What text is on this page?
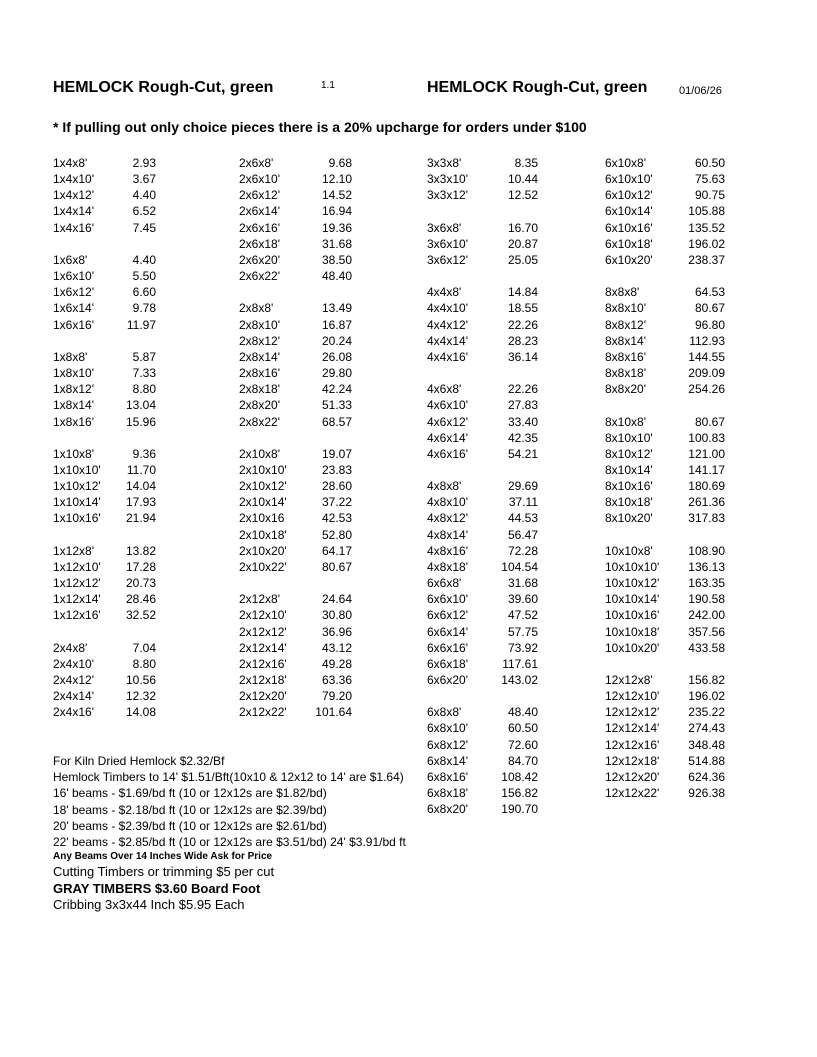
HEMLOCK Rough-Cut, green	1.1	HEMLOCK Rough-Cut, green	01/06/26
* If pulling out only choice pieces there is a 20% upcharge for orders under $100
1x4x8'	2.93
1x4x10'	3.67
1x4x12'	4.40
1x4x14'	6.52
1x4x16'	7.45
1x6x8'	4.40
1x6x10'	5.50
1x6x12'	6.60
1x6x14'	9.78
1x6x16'	11.97
1x8x8'	5.87
1x8x10'	7.33
1x8x12'	8.80
1x8x14'	13.04
1x8x16'	15.96
1x10x8'	9.36
1x10x10' 11.70
1x10x12' 14.04
1x10x14' 17.93
1x10x16' 21.94
1x12x8'	13.82
1x12x10' 17.28
1x12x12' 20.73
1x12x14' 28.46
1x12x16' 32.52
2x4x8'	7.04
2x4x10'	8.80
2x4x12'	10.56
2x4x14'	12.32
2x4x16'	14.08
2x6x8'	9.68
2x6x10'	12.10
2x6x12'	14.52
2x6x14'	16.94
2x6x16'	19.36
2x6x18'	31.68
2x6x20'	38.50
2x6x22'	48.40
2x8x8'	13.49
2x8x10'	16.87
2x8x12'	20.24
2x8x14'	26.08
2x8x16'	29.80
2x8x18'	42.24
2x8x20'	51.33
2x8x22'	68.57
2x10x8'	19.07
2x10x10'	23.83
2x10x12'	28.60
2x10x14'	37.22
2x10x16	42.53
2x10x18'	52.80
2x10x20'	64.17
2x10x22'	80.67
2x12x8'	24.64
2x12x10'	30.80
2x12x12'	36.96
2x12x14'	43.12
2x12x16'	49.28
2x12x18'	63.36
2x12x20'	79.20
2x12x22' 101.64
3x3x8'	8.35
3x3x10'	10.44
3x3x12'	12.52
3x6x8'	16.70
3x6x10'	20.87
3x6x12'	25.05
4x4x8'	14.84
4x4x10'	18.55
4x4x12'	22.26
4x4x14'	28.23
4x4x16'	36.14
4x6x8'	22.26
4x6x10'	27.83
4x6x12'	33.40
4x6x14'	42.35
4x6x16'	54.21
4x8x8'	29.69
4x8x10'	37.11
4x8x12'	44.53
4x8x14'	56.47
4x8x16'	72.28
4x8x18'	104.54
6x6x8'	31.68
6x6x10'	39.60
6x6x12'	47.52
6x6x14'	57.75
6x6x16'	73.92
6x6x18'	117.61
6x6x20'	143.02
6x8x8'	48.40
6x8x10'	60.50
6x8x12'	72.60
6x8x14'	84.70
6x8x16'	108.42
6x8x18'	156.82
6x8x20'	190.70
6x10x8'	60.50
6x10x10'	75.63
6x10x12'	90.75
6x10x14'	105.88
6x10x16'	135.52
6x10x18'	196.02
6x10x20'	238.37
8x8x8'	64.53
8x8x10'	80.67
8x8x12'	96.80
8x8x14'	112.93
8x8x16'	144.55
8x8x18'	209.09
8x8x20'	254.26
8x10x8'	80.67
8x10x10'	100.83
8x10x12'	121.00
8x10x14'	141.17
8x10x16'	180.69
8x10x18'	261.36
8x10x20'	317.83
10x10x8'	108.90
10x10x10' 136.13
10x10x12' 163.35
10x10x14' 190.58
10x10x16' 242.00
10x10x18' 357.56
10x10x20' 433.58
12x12x8'	156.82
12x12x10' 196.02
12x12x12' 235.22
12x12x14' 274.43
12x12x16' 348.48
12x12x18' 514.88
12x12x20' 624.36
12x12x22' 926.38
For Kiln Dried Hemlock $2.32/Bf
Hemlock Timbers to 14' $1.51/Bft(10x10 & 12x12 to 14' are $1.64)
16' beams - $1.69/bd ft (10 or 12x12s are $1.82/bd)
18' beams - $2.18/bd ft (10 or 12x12s are $2.39/bd)
20' beams - $2.39/bd ft (10 or 12x12s are $2.61/bd)
22' beams - $2.85/bd ft (10 or 12x12s are $3.51/bd) 24' $3.91/bd ft
Any Beams Over 14 Inches Wide Ask for Price
Cutting Timbers or trimming $5 per cut
GRAY TIMBERS $3.60 Board Foot
Cribbing 3x3x44 Inch $5.95 Each
